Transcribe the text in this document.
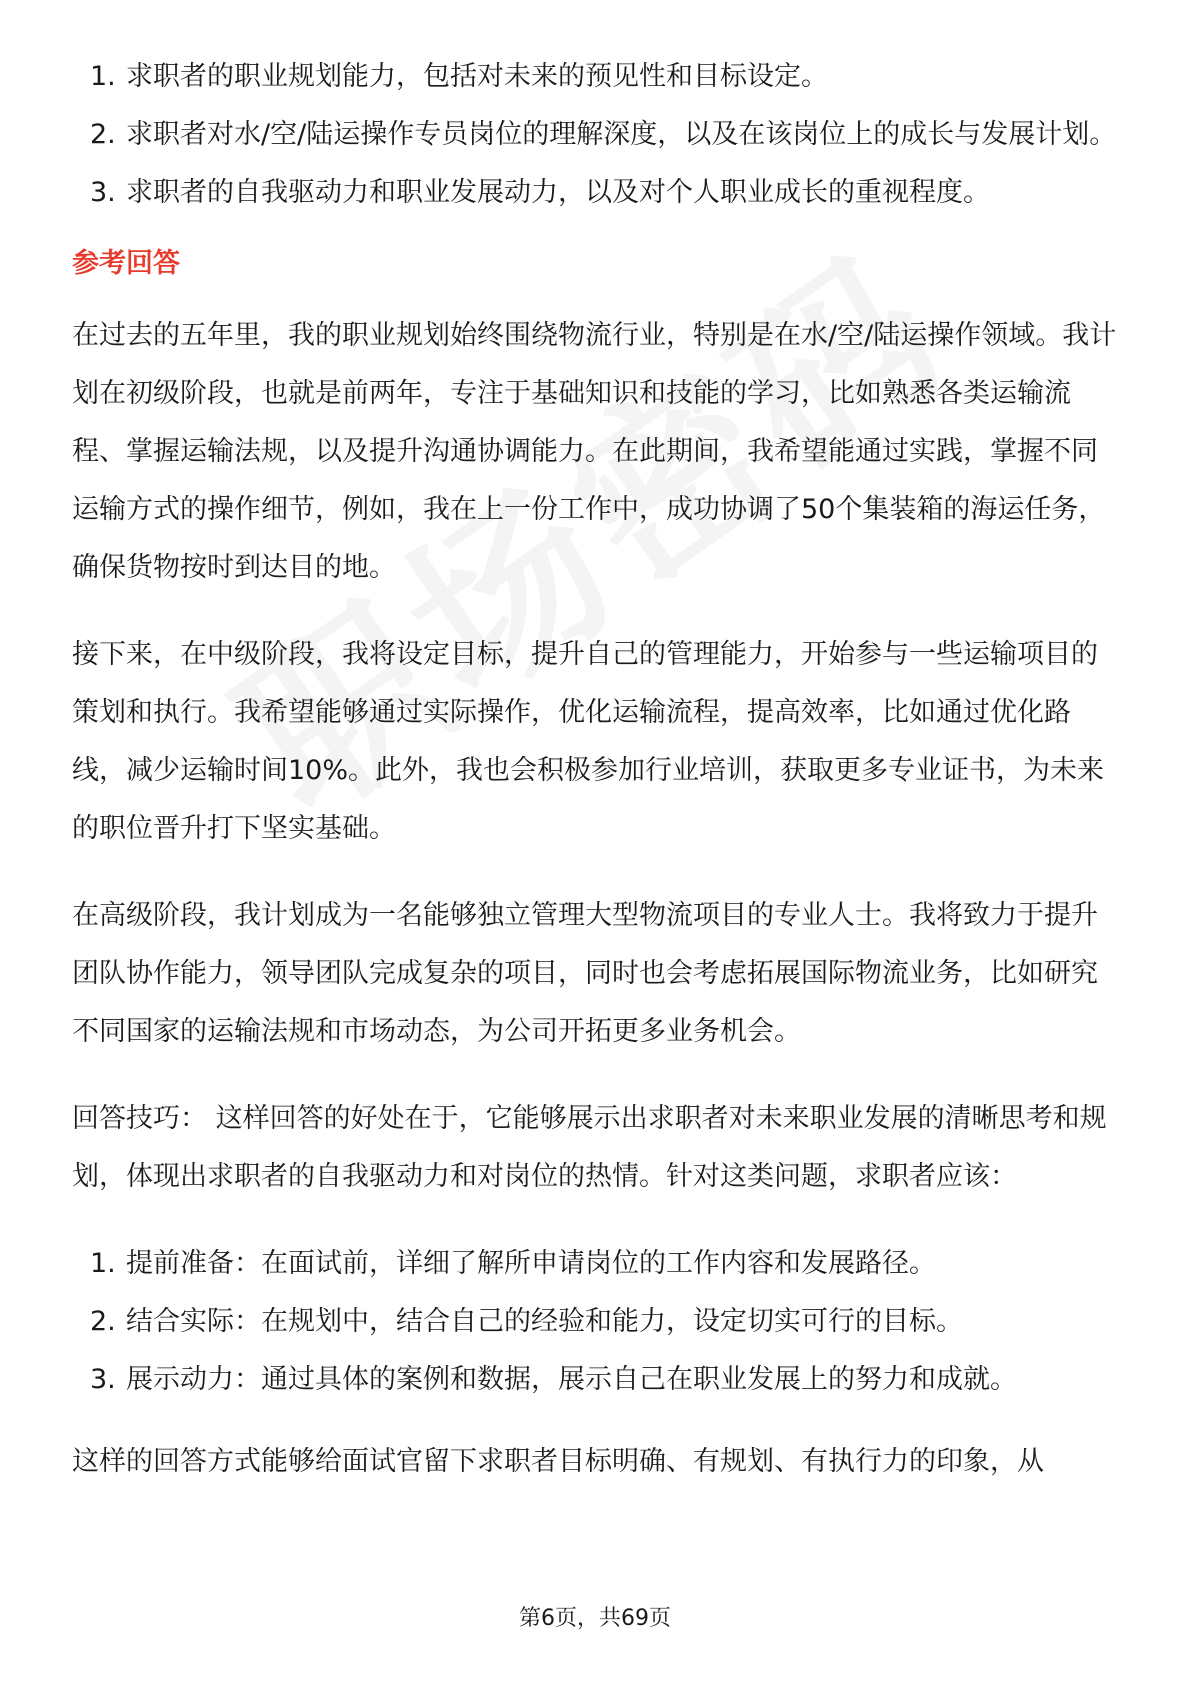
1. 求职者的职业规划能力，包括对未来的预见性和目标设定。
2. 求职者对水/空/陆运操作专员岗位的理解深度，以及在该岗位上的成长与发展计划。
3. 求职者的自我驱动力和职业发展动力，以及对个人职业成长的重视程度。
参考回答

在过去的五年里，我的职业规划始终围绕物流行业，特别是在水/空/陆运操作领域。我计划在初级阶段，也就是前两年，专注于基础知识和技能的学习，比如熟悉各类运输流程、掌握运输法规，以及提升沟通协调能力。在此期间，我希望能通过实践，掌握不同运输方式的操作细节，例如，我在上一份工作中，成功协调了50个集装箱的海运任务，确保货物按时到达目的地。

接下来，在中级阶段，我将设定目标，提升自己的管理能力，开始参与一些运输项目的策划和执行。我希望能够通过实际操作，优化运输流程，提高效率，比如通过优化路线，减少运输时间10%。此外，我也会积极参加行业培训，获取更多专业证书，为未来的职位晋升打下坚实基础。

在高级阶段，我计划成为一名能够独立管理大型物流项目的专业人士。我将致力于提升团队协作能力，领导团队完成复杂的项目，同时也会考虑拓展国际物流业务，比如研究不同国家的运输法规和市场动态，为公司开拓更多业务机会。

回答技巧： 这样回答的好处在于，它能够展示出求职者对未来职业发展的清晰思考和规划，体现出求职者的自我驱动力和对岗位的热情。针对这类问题，求职者应该：

1. 提前准备：在面试前，详细了解所申请岗位的工作内容和发展路径。
2. 结合实际：在规划中，结合自己的经验和能力，设定切实可行的目标。
3. 展示动力：通过具体的案例和数据，展示自己在职业发展上的努力和成就。

这样的回答方式能够给面试官留下求职者目标明确、有规划、有执行力的印象，从

第6页，共69页
